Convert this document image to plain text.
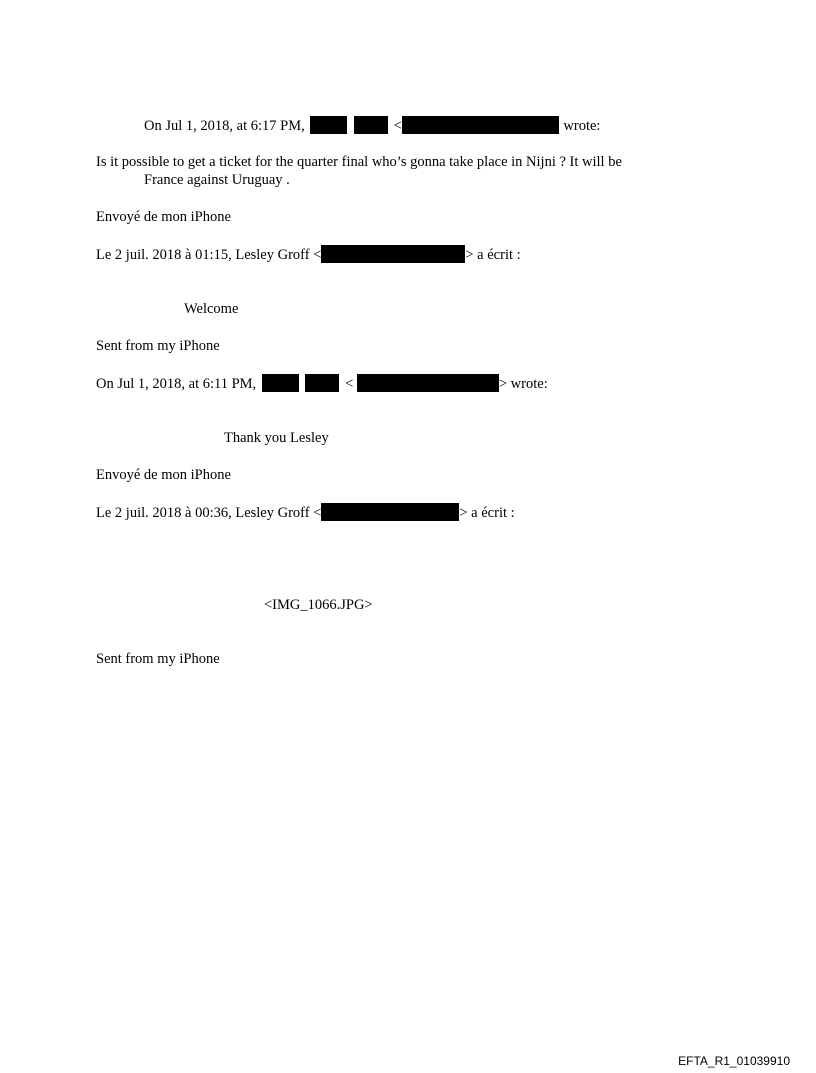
On Jul 1, 2018, at 6:17 PM,	<	wrote:
Is it possible to get a ticket for the quarter final who’s gonna take place in Nijni ? It will be
France against Uruguay .
Envoyé de mon iPhone
Le 2 juil. 2018 à 01:15, Lesley Groff <	> a écrit :
Welcome
Sent from my iPhone
On Jul 1, 2018, at 6:11 PM,	<	> wrote:
Thank you Lesley
Envoyé de mon iPhone
Le 2 juil. 2018 à 00:36, Lesley Groff <	> a écrit :
<IMG_1066.JPG>
Sent from my iPhone
EFTA_R1_01039910
